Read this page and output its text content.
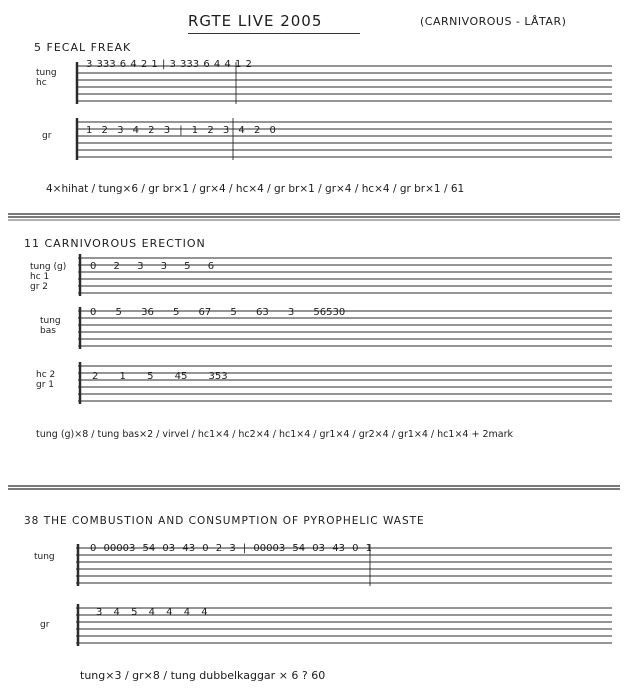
RGTE LIVE 2005	(CARNIVOROUS - LÅTAR)
5 FECAL FREAK
tung
hc
3 333 6 4 2 1 | 3 333 6 4 4 1 2
gr	1 2 3 4 2 3 | 1 2 3 4 2 0
4×hihat / tung×6 / gr br×1 / gr×4 / hc×4 / gr br×1 / gr×4 / hc×4 / gr br×1 / 61
11 CARNIVOROUS ERECTION
tung (g)
hc 1
gr 2
0 2 3 3 5 6
tung
bas
0 5 36 5 67 5 63 3 56530
hc 2
gr 1
2 1 5 45 353
tung (g)×8 / tung bas×2 / virvel / hc1×4 / hc2×4 / hc1×4 / gr1×4 / gr2×4 / gr1×4 / hc1×4 + 2mark
38 THE COMBUSTION AND CONSUMPTION OF PYROPHELIC WASTE
tung
0 00003 54 03 43 0 2 3 | 00003 54 03 43 0 1
gr
3 4 5 4 4 4 4
tung×3 / gr×8 / tung dubbelkaggar × 6 ? 60
